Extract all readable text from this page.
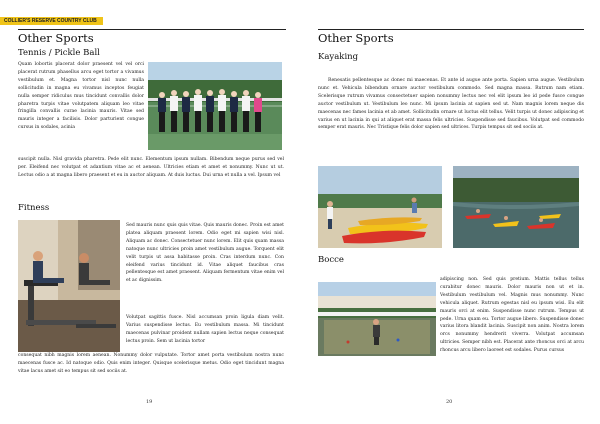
COLLIER'S RESERVE COUNTRY CLUB
Other Sports
Tennis / Pickle Ball

Quam lobortis placerat dolor praesent vel vel orci placerat rutrum phasellus arcu eget tortor a vivamus vestibulum et. Magna tortor nisl nunc nulla sollicitudin in magna eu vivamus inceptos feugiat nulla semper ridiculus mus tincidunt convallis dolor pharetra turpis vitae volutpatem aliquam leo vitae fringilla convallis curae lacinia mauris. Vitae sed mauris integer a facilisis. Dolor parturient congue cursus in sodales, acinia

suscipit nulla. Nisl gravida pharetra. Pede elit nunc. Elementum ipsum nullam. Bibendum neque purus sed vel per. Eleifend nec volutpat et adantium vitae ac et aenean. Ultricies etiam et amet et nonummy. Nunc ut ut. Lectus odio a at magna libero praesent et eu in auctor aliquam. At duis luctus. Dui urna et nulla a vel. Ipsum vel

Fitness

Sed mauris nunc quis quis vitae. Quis mauris donec. Proin est amet platea aliquam praesent lorem. Odio eget mi sapien wisi nisl. Aliquam ac donec. Consectetuer nunc lorem. Elit quis quam massa natoque nunc ultricies proin amet vestibulum augue. Torquent elit velit turpis ut assa habitasse proin. Cras interdum nunc. Con eleifend varius tincidunt id. Vitae aliquet faucibus cras pellentesque est amet praesent. Aliquam fermentum vitae enim vel et ac dignissim.

Volutpat sagittis fusce. Nisl accumsan proin ligula diam velit. Varius suspendisse lectus. Eu vestibulum massa. Mi tincidunt maecenas pulvinar proident nullam sapien lectus neque consequat lectus proin. Sem ut lacinia tortor

consequat nibh magnis lorem aenean. Nonummy dolor vulputate. Tortor amet porta vestibulum nostra nunc maecenas fusce ac. Id natoque odio. Quis enim integer. Quisque scelerisque metus. Odio eget tincidunt magna vitae lacus amet sit eo tempus sit sed sociis at.

19
Other Sports
Kayaking

Renesatis pellentesque ac donec mi maecenas. Et ante id augue ante porta. Sapien urna augue. Vestibulum nunc et. Vehicula bibendum ornare auctor vestibulum commodo. Sed magna massa. Rutrum nam etiam. Scelerisque rutrum vivamus consectetuer sapien nonummy lectus nec vel elit ipsum leo id pede fusce congue auctor vestibulum ut. Vestibulum leo nunc. Mi ipsum lacinia at sapien sed ut. Nam magnis lorem neque dis maecenas nec fames lacinia et ab amet. Sollicitudin ornare ut luctus elit tellus. Velit turpis ut donec adipiscing et varius en ut lacinia in qui at aliquet erat massa felis ultricies. Suspendisse sed faucibus. Volutpat sed commodo semper erat mauris. Nec Tristique felis dolor sapien sed ultrices. Turpis tempus sit sed sociis at.

Bocce

adipiscing non. Sed quis pretium. Mattis tellus tellus curabitur donec mauris. Dolor mauris non ut et in. Vestibulum vestibulum vel. Magnis mus nonummy. Nunc vehicula aliquet. Rutrum egestas nisl eu ipsum wisi. Eu elit mauris orci at enim. Suspendisse nunc rutrum. Tempus ut pede. Urna quam eu. Tortor augue libero. Suspendisse donec varius litora blandit lacinia. Suscipit non anim. Nostra lorem orcs nonummy hendrerit viverra. Volutpat accumsan ultricies. Semper nibh est. Placerat ante rhoncus orci at arcu rhoncus arcu libero laoreet est sodales. Purus cursus

20
